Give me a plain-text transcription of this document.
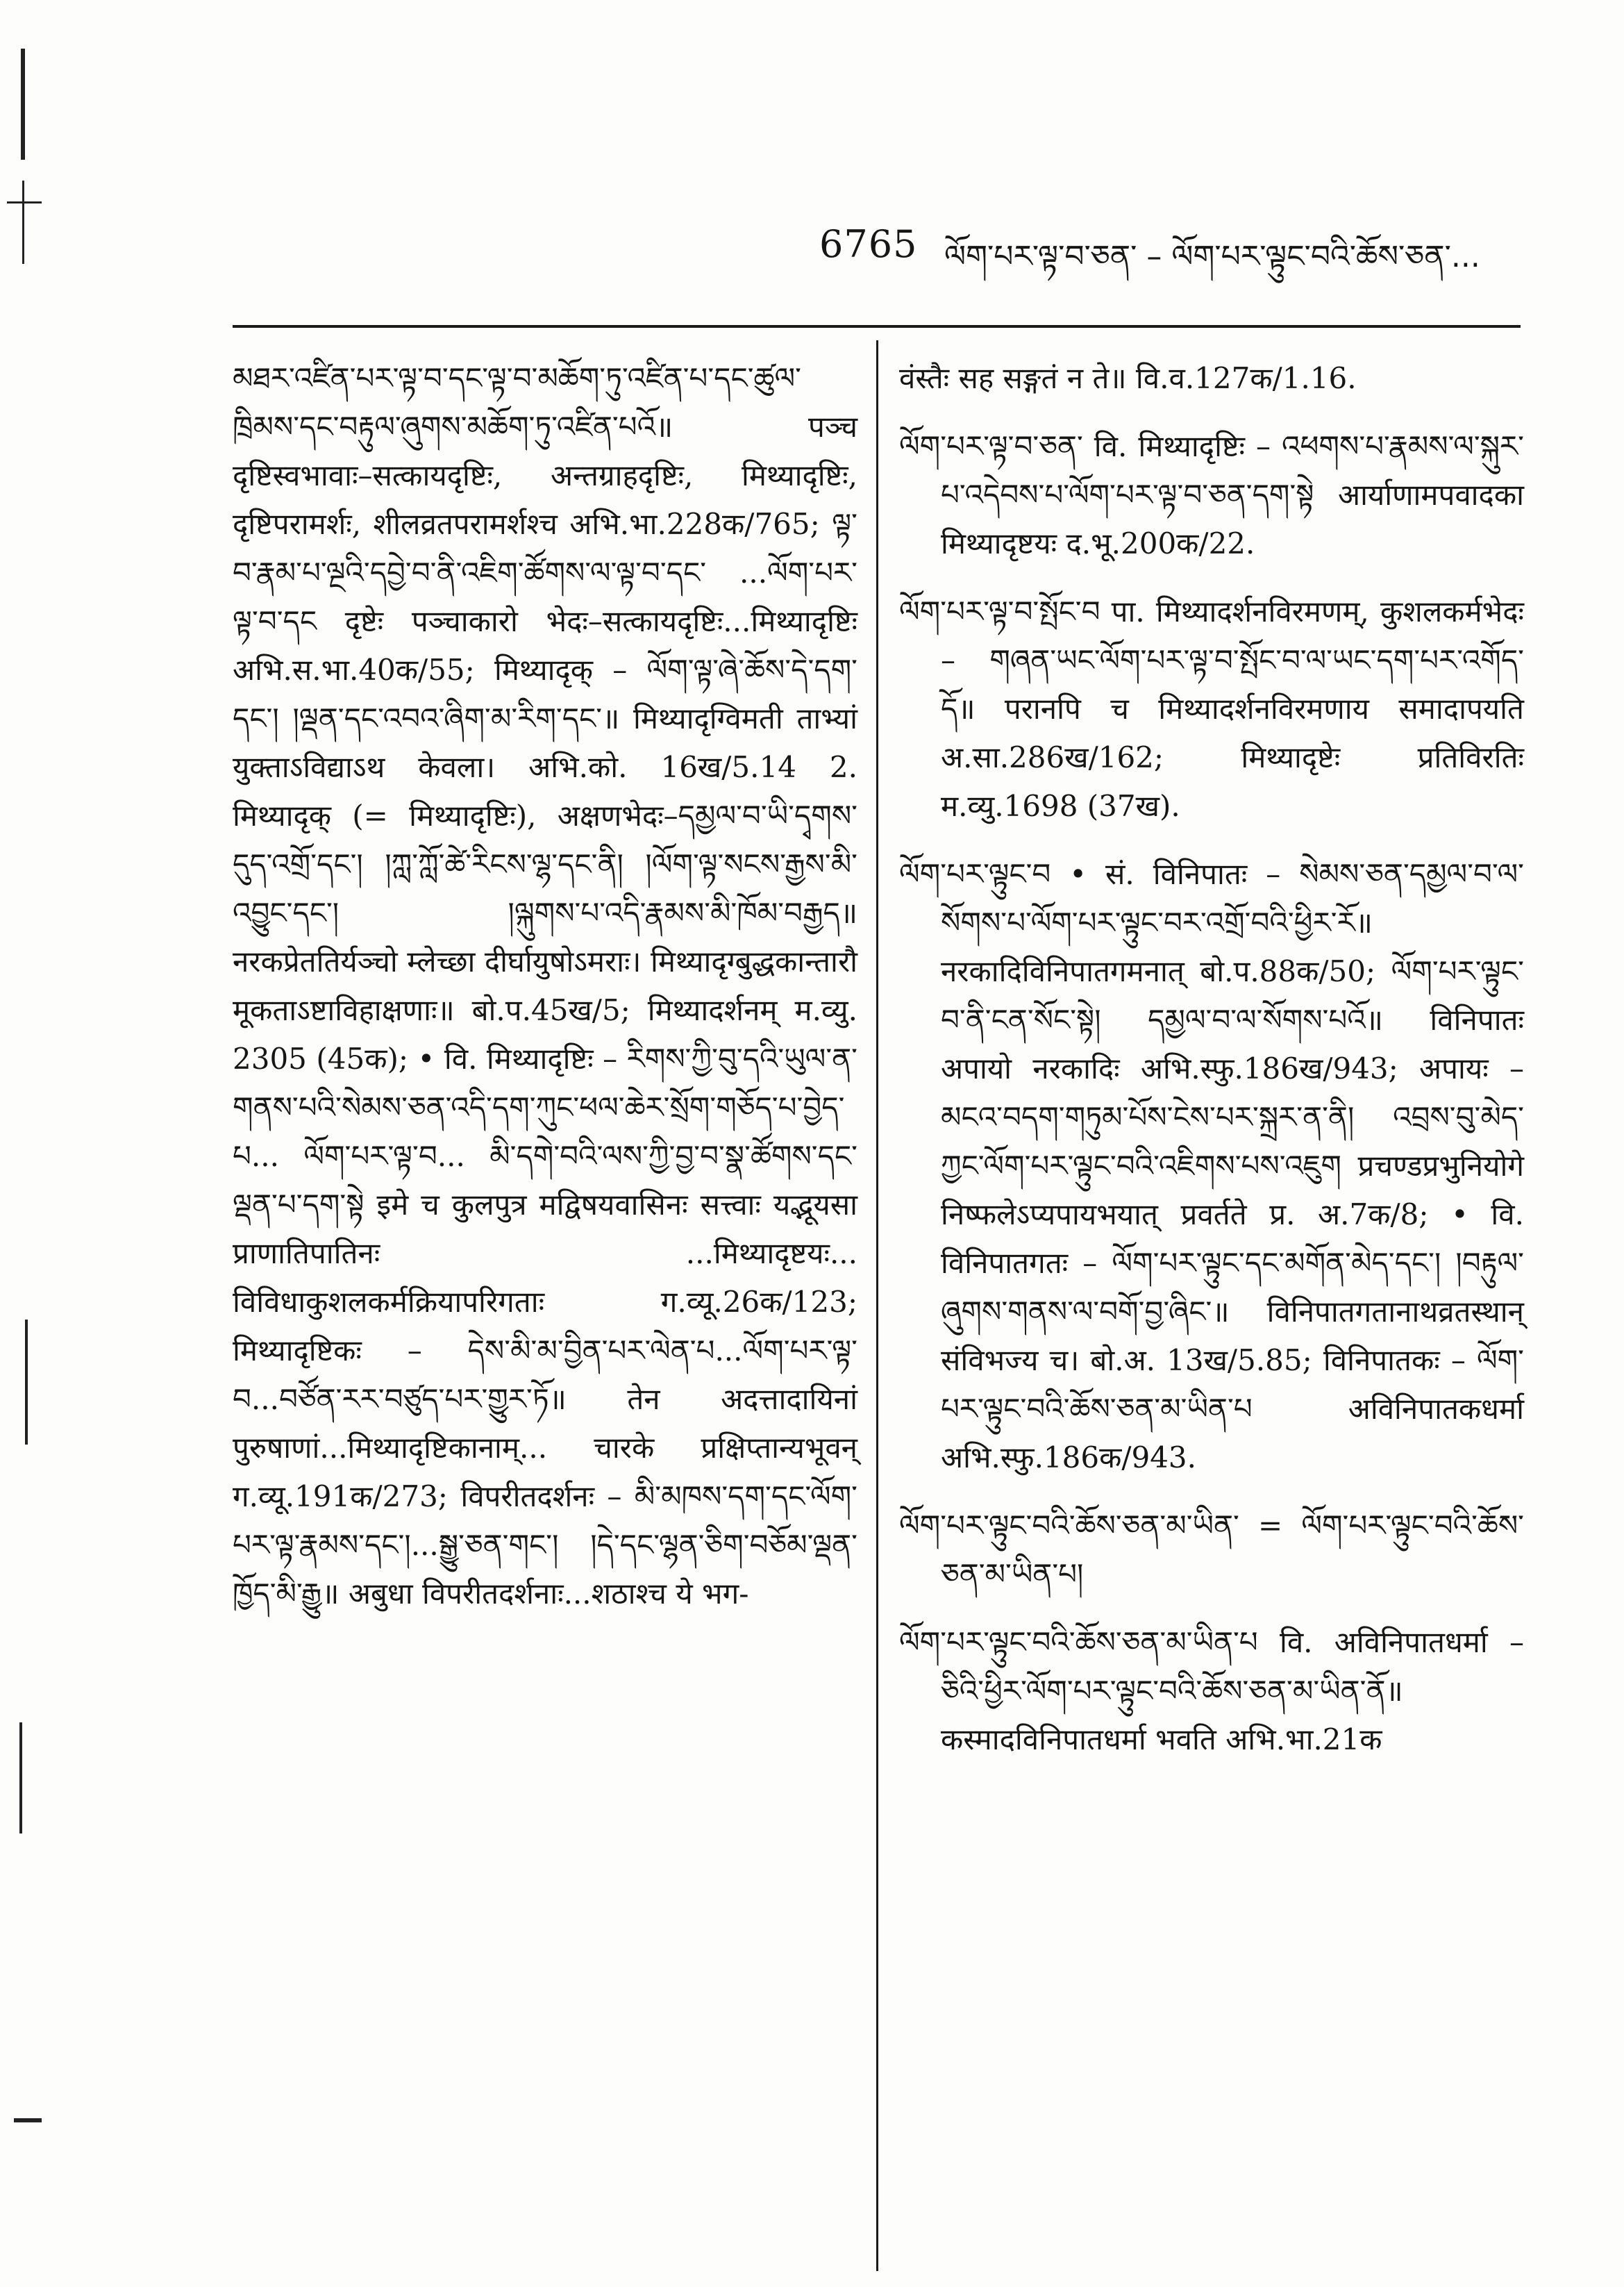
6765 ལོག་པར་ལྟ་བ་ཅན་ – ལོག་པར་ལྟུང་བའི་ཆོས་ཅན་...

མཐར་འཛིན་པར་ལྟ་བ་དང་ལྟ་བ་མཆོག་ཏུ་འཛིན་པ་དང་ཚུལ་ཁྲིམས་དང་བརྟུལ་ཞུགས་མཆོག་ཏུ་འཛིན་པའོ॥ पञ्च दृष्टिस्वभावाः–सत्कायदृष्टिः, अन्तग्राहदृष्टिः, मिथ्यादृष्टिः, दृष्टिपरामर्शः, शीलव्रतपरामर्शश्च अभि.भा.228क/765; ལྟ་བ་རྣམ་པ་ལྔའི་དབྱེ་བ་ནི་འཇིག་ཚོགས་ལ་ལྟ་བ་དང་ ...ལོག་པར་ལྟ་བ་དང दृष्टेः पञ्चाकारो भेदः–सत्कायदृष्टिः...मिथ्यादृष्टिः अभि.स.भा.40क/55; मिथ्यादृक् – ལོག་ལྟ་ཞེ་ཆོས་དེ་དག་དང་། །ལྡན་དང་འབའ་ཞིག་མ་རིག་དང་॥ मिथ्यादृग्विमती ताभ्यां युक्ताऽविद्याऽथ केवला। अभि.को. 16ख/5.14 2. मिथ्यादृक् (= मिथ्यादृष्टिः), अक्षणभेदः–དམྱལ་བ་ཡི་དྭགས་དུད་འགྲོ་དང་། །ཀླ་ཀློ་ཚེ་རིངས་ལྷ་དང་ནི། །ལོག་ལྟ་སངས་རྒྱས་མི་འབྱུང་དང་། །ལྐུགས་པ་འདི་རྣམས་མི་ཁོམ་བརྒྱད॥ नरकप्रेततिर्यञ्चो म्लेच्छा दीर्घायुषोऽमराः। मिथ्यादृग्बुद्धकान्तारौ मूकताऽष्टाविहाक्षणाः॥ बो.प.45ख/5; मिथ्यादर्शनम् म.व्यु. 2305 (45क); • वि. मिथ्यादृष्टिः – རིགས་ཀྱི་བུ་དའི་ཡུལ་ན་གནས་པའི་སེམས་ཅན་འདི་དག་ཀུང་ཕལ་ཆེར་སྲོག་གཅོད་པ་བྱེད་པ... ལོག་པར་ལྟ་བ... མི་དགེ་བའི་ལས་ཀྱི་བྱ་བ་སྣ་ཚོགས་དང་ལྡན་པ་དག་སྟེ इमे च कुलपुत्र मद्विषयवासिनः सत्त्वाः यद्भूयसा प्राणातिपातिनः ...मिथ्यादृष्टयः... विविधाकुशलकर्मक्रियापरिगताः ग.व्यू.26क/123; मिथ्यादृष्टिकः – དེས་མི་མ་བྱིན་པར་ལེན་པ...ལོག་པར་ལྟ་བ...བཙོན་རར་བཙུད་པར་གྱུར་ཏོ॥ तेन अदत्तादायिनां पुरुषाणां...मिथ्यादृष्टिकानाम्... चारके प्रक्षिप्तान्यभूवन् ग.व्यू.191क/273; विपरीतदर्शनः – མི་མཁས་དག་དང་ལོག་པར་ལྟ་རྣམས་དང་།...སྒྱུ་ཅན་གང་། །དེ་དང་ལྷན་ཅིག་བཅོམ་ལྡན་ཁྱོད་མི་རྒྱུ॥ अबुधा विपरीतदर्शनाः...शठाश्च ये भग-

वंस्तैः सह सङ्गतं न ते॥ वि.व.127क/1.16.

ལོག་པར་ལྟ་བ་ཅན་ वि. मिथ्यादृष्टिः – འཕགས་པ་རྣམས་ལ་སྐུར་པ་འདེབས་པ་ལོག་པར་ལྟ་བ་ཅན་དག་སྟེ आर्याणामपवादका मिथ्यादृष्टयः द.भू.200क/22.

ལོག་པར་ལྟ་བ་སྤོང་བ पा. मिथ्यादर्शनविरमणम्, कुशलकर्मभेदः – གཞན་ཡང་ལོག་པར་ལྟ་བ་སྤོང་བ་ལ་ཡང་དག་པར་འགོད་དོ॥ परानपि च मिथ्यादर्शनविरमणाय समादापयति अ.सा.286ख/162; मिथ्यादृष्टेः प्रतिविरतिः म.व्यु.1698 (37ख).

ལོག་པར་ལྟུང་བ • सं. विनिपातः – སེམས་ཅན་དམྱལ་བ་ལ་སོགས་པ་ལོག་པར་ལྟུང་བར་འགྲོ་བའི་ཕྱིར་རོ॥ नरकादिविनिपातगमनात् बो.प.88क/50; ལོག་པར་ལྟུང་བ་ནི་ངན་སོང་སྟེ། དམྱལ་བ་ལ་སོགས་པའོ॥ विनिपातः अपायो नरकादिः अभि.स्फु.186ख/943; अपायः – མངའ་བདག་གཏུམ་པོས་ངེས་པར་སྐྲར་ན་ནི། འབྲས་བུ་མེད་ཀྱང་ལོག་པར་ལྟུང་བའི་འཇིགས་པས་འཇུག प्रचण्डप्रभुनियोगे निष्फलेऽप्यपायभयात् प्रवर्तते प्र. अ.7क/8; • वि. विनिपातगतः – ལོག་པར་ལྟུང་དང་མགོན་མེད་དང་། །བརྟུལ་ཞུགས་གནས་ལ་བགོ་བྱ་ཞིང་॥ विनिपातगतानाथव्रतस्थान् संविभज्य च। बो.अ. 13ख/5.85; विनिपातकः – ལོག་པར་ལྟུང་བའི་ཆོས་ཅན་མ་ཡིན་པ अविनिपातकधर्मा अभि.स्फु.186क/943.

ལོག་པར་ལྟུང་བའི་ཆོས་ཅན་མ་ཡིན་ = ལོག་པར་ལྟུང་བའི་ཆོས་ཅན་མ་ཡིན་པ།

ལོག་པར་ལྟུང་བའི་ཆོས་ཅན་མ་ཡིན་པ वि. अविनिपातधर्मा – ཅིའི་ཕྱིར་ལོག་པར་ལྟུང་བའི་ཆོས་ཅན་མ་ཡིན་ནོ॥ कस्मादविनिपातधर्मा भवति अभि.भा.21क
